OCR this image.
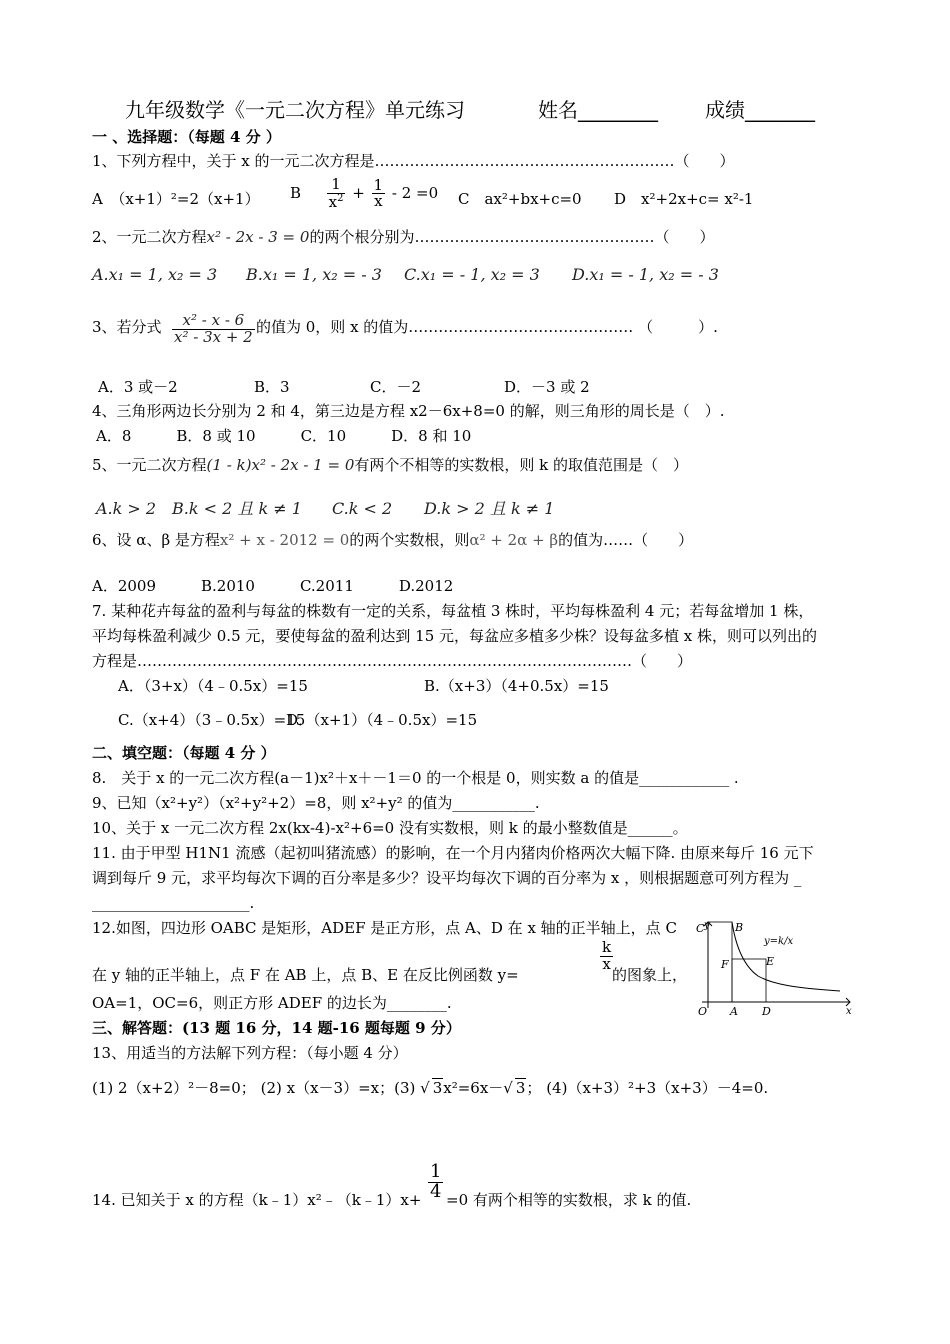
九年级数学《一元二次方程》单元练习	姓名________ 成绩_______
一 、选择题：（每题 4 分 ）
1、下列方程中，关于 x 的一元二次方程是……………………………………………………（　　）
A　（x+1）²=2（x+1） B $\frac{1}{x^2} + \frac{1}{x} - 2 =0$ C　ax²+bx+c=0 D　x²+2x+c= x²-1
2、一元二次方程x² - 2x - 3 = 0的两个根分别为…………………………………………（　　）
A.x₁ = 1, x₂ = 3 B.x₁ = 1, x₂ = - 3 C.x₁ = - 1, x₂ = 3 D.x₁ = - 1, x₂ = - 3
3、若分式 $\frac{\text{x² - x - 6}}{\text{x² - 3x + 2}}$ 的值为 0，则 x 的值为……………………………………… （　　　）.
A．3 或－2	B．3	C．－2	D．－3 或 2
4、三角形两边长分别为 2 和 4，第三边是方程 x2－6x+8=0 的解，则三角形的周长是（　）.
A．8　　　B．8 或 10　　　C．10　　　D．8 和 10
5、一元二次方程(1 - k)x² - 2x - 1 = 0有两个不相等的实数根，则 k 的取值范围是（　）
A.k > 2 B.k < 2 且 k ≠ 1 C.k < 2 D.k > 2 且 k ≠ 1
6、设 α、β 是方程x² + x - 2012 = 0的两个实数根，则α² + 2α + β的值为……（　　）
A．2009　　　B.2010　　　C.2011　　　D.2012
7. 某种花卉每盆的盈利与每盆的株数有一定的关系，每盆植 3 株时，平均每株盈利 4 元；若每盆增加 1 株，
平均每株盈利减少 0.5 元，要使每盆的盈利达到 15 元，每盆应多植多少株？设每盆多植 x 株，则可以列出的
方程是………………………………………………………………………………………（　　）
A．（3+x）（4﹣0.5x）=15	B.（x+3）（4+0.5x）=15
C.（x+4）（3﹣0.5x）=15
D．（x+1）（4﹣0.5x）=15
二、填空题：（每题 4 分 ）
8.　关于 x 的一元二次方程(a－1)x²＋x＋－1＝0 的一个根是 0，则实数 a 的值是____________ .
9、已知（x²+y²）（x²+y²+2）=8，则 x²+y² 的值为___________.
10、关于 x 一元二次方程 2x(kx-4)-x²+6=0 没有实数根，则 k 的最小整数值是______。
11. 由于甲型 H1N1 流感（起初叫猪流感）的影响，在一个月内猪肉价格两次大幅下降. 由原来每斤 16 元下
调到每斤 9 元，求平均每次下调的百分率是多少？设平均每次下调的百分率为 x ，则根据题意可列方程为 _
_____________________.
12.如图，四边形 OABC 是矩形，ADEF 是正方形，点 A、D 在 x 轴的正半轴上，点 C
在 y 轴的正半轴上，点 F 在 AB 上，点 B、E 在反比例函数 y=
$\frac{k}{x}$
的图象上，
OA=1，OC=6，则正方形 ADEF 的边长为________.
y
x
O A D
C	B
F	E
y=k/x
三、解答题：(13 题 16 分，14 题-16 题每题 9 分）
13、用适当的方法解下列方程：（每小题 4 分）
(1) 2（x+2）²－8=0； (2) x（x－3）=x；(3) √ 3x²=6x－√ 3； (4)（x+3）²+3（x+3）－4=0.
14. 已知关于 x 的方程（k﹣1）x²﹣（k﹣1）x+ $\frac{1}{4} =0$ 有两个相等的实数根，求 k 的值.
